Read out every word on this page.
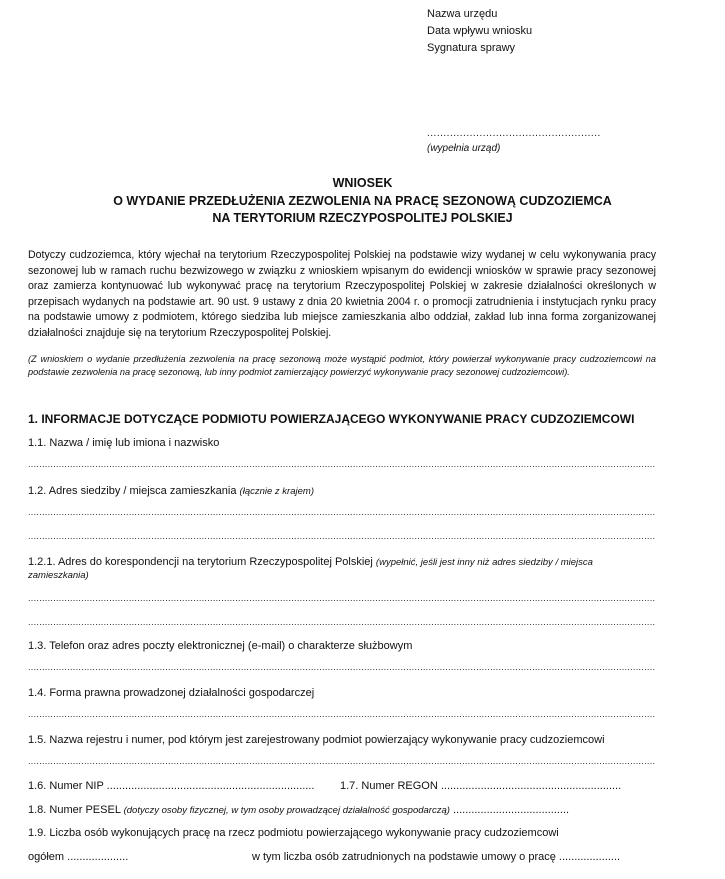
Nazwa urzędu
Data wpływu wniosku
Sygnatura sprawy
.....................................................
(wypełnia urząd)
WNIOSEK
O WYDANIE PRZEDŁUŻENIA ZEZWOLENIA NA PRACĘ SEZONOWĄ CUDZOZIEMCA
NA TERYTORIUM RZECZYPOSPOLITEJ POLSKIEJ
Dotyczy cudzoziemca, który wjechał na terytorium Rzeczypospolitej Polskiej na podstawie wizy wydanej w celu wykonywania pracy sezonowej lub w ramach ruchu bezwizowego w związku z wnioskiem wpisanym do ewidencji wniosków w sprawie pracy sezonowej oraz zamierza kontynuować lub wykonywać pracę na terytorium Rzeczypospolitej Polskiej w zakresie działalności określonych w przepisach wydanych na podstawie art. 90 ust. 9 ustawy z dnia 20 kwietnia 2004 r. o promocji zatrudnienia i instytucjach rynku pracy na podstawie umowy z podmiotem, którego siedziba lub miejsce zamieszkania albo oddział, zakład lub inna forma zorganizowanej działalności znajduje się na terytorium Rzeczypospolitej Polskiej.
(Z wnioskiem o wydanie przedłużenia zezwolenia na pracę sezonową może wystąpić podmiot, który powierzał wykonywanie pracy cudzoziemcowi na podstawie zezwolenia na pracę sezonową, lub inny podmiot zamierzający powierzyć wykonywanie pracy sezonowej cudzoziemcowi).
1. INFORMACJE DOTYCZĄCE PODMIOTU POWIERZAJĄCEGO WYKONYWANIE PRACY CUDZOZIEMCOWI
1.1. Nazwa / imię lub imiona i nazwisko
.....
1.2. Adres siedziby / miejsca zamieszkania (łącznie z krajem)
.....
.....
1.2.1. Adres do korespondencji na terytorium Rzeczypospolitej Polskiej (wypełnić, jeśli jest inny niż adres siedziby / miejsca zamieszkania)
.....
.....
1.3. Telefon oraz adres poczty elektronicznej (e-mail) o charakterze służbowym
.....
1.4. Forma prawna prowadzonej działalności gospodarczej
.....
1.5. Nazwa rejestru i numer, pod którym jest zarejestrowany podmiot powierzający wykonywanie pracy cudzoziemcowi
.....
1.6. Numer NIP .................................................................... 1.7. Numer REGON ...........................................................
1.8. Numer PESEL (dotyczy osoby fizycznej, w tym osoby prowadzącej działalność gospodarczą) ......................................
1.9. Liczba osób wykonujących pracę na rzecz podmiotu powierzającego wykonywanie pracy cudzoziemcowi
ogółem ....................	w tym liczba osób zatrudnionych na podstawie umowy o pracę ....................
